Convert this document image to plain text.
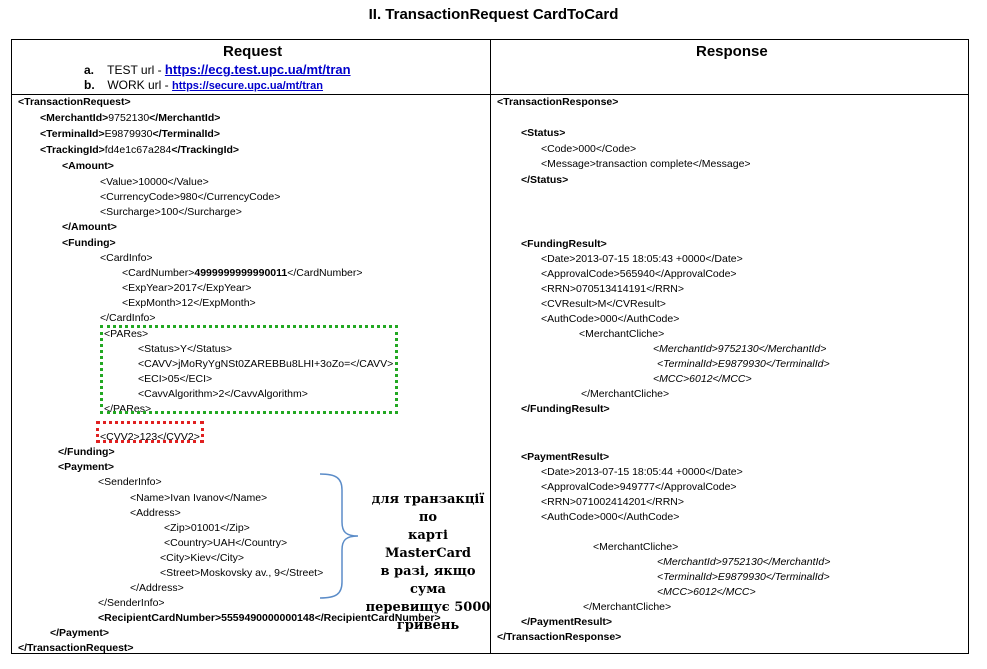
II. TransactionRequest CardToCard
Request	Response
a. TEST url - https://ecg.test.upc.ua/mt/tran
b. WORK url - https://secure.upc.ua/mt/tran
<TransactionRequest>
<MerchantId>9752130</MerchantId>
<TerminalId>E9879930</TerminalId>
<TrackingId>fd4e1c67a284</TrackingId>
<Amount>
<Value>10000</Value>
<CurrencyCode>980</CurrencyCode>
<Surcharge>100</Surcharge>
</Amount>
<Funding>
<CardInfo>
<CardNumber>4999999999990011</CardNumber>
<ExpYear>2017</ExpYear>
<ExpMonth>12</ExpMonth>
</CardInfo>
<PARes>
<Status>Y</Status>
<CAVV>jMoRyYgNSt0ZAREBBu8LHI+3oZo=</CAVV>
<ECI>05</ECI>
<CavvAlgorithm>2</CavvAlgorithm>
</PARes>
<CVV2>123</CVV2>
</Funding>
<Payment>
<SenderInfo>
<Name>Ivan Ivanov</Name>
<Address>
<Zip>01001</Zip>
<Country>UAH</Country>
<City>Kiev</City>
<Street>Moskovsky av., 9</Street>
</Address>
</SenderInfo>
<RecipientCardNumber>5559490000000148</RecipientCardNumber>
</Payment>
</TransactionRequest>
для транзакції по
карті MasterCard
в разі, якщо сума
перевищує 5000
гривень
<TransactionResponse>
<Status>
<Code>000</Code>
<Message>transaction complete</Message>
</Status>
<FundingResult>
<Date>2013-07-15 18:05:43 +0000</Date>
<ApprovalCode>565940</ApprovalCode>
<RRN>070513414191</RRN>
<CVResult>M</CVResult>
<AuthCode>000</AuthCode>
<MerchantCliche>
<MerchantId>9752130</MerchantId>
<TerminalId>E9879930</TerminalId>
<MCC>6012</MCC>
</MerchantCliche>
</FundingResult>
<PaymentResult>
<Date>2013-07-15 18:05:44 +0000</Date>
<ApprovalCode>949777</ApprovalCode>
<RRN>071002414201</RRN>
<AuthCode>000</AuthCode>
<MerchantCliche>
<MerchantId>9752130</MerchantId>
<TerminalId>E9879930</TerminalId>
<MCC>6012</MCC>
</MerchantCliche>
</PaymentResult>
</TransactionResponse>
